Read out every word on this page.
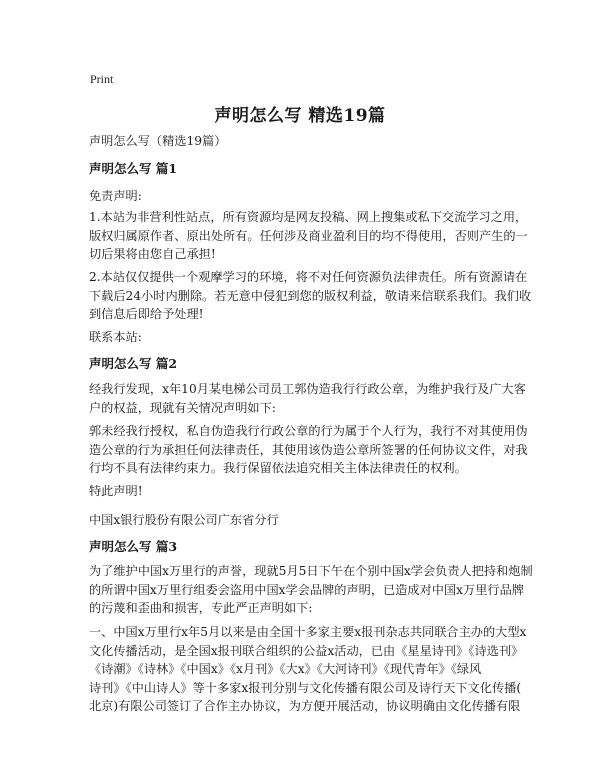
Print
声明怎么写 精选19篇
声明怎么写（精选19篇）
声明怎么写 篇1
免责声明:
1.本站为非营利性站点，所有资源均是网友投稿、网上搜集或私下交流学习之用，
版权归属原作者、原出处所有。任何涉及商业盈利目的均不得使用，否则产生的一
切后果将由您自己承担!
2.本站仅仅提供一个观摩学习的环境，将不对任何资源负法律责任。所有资源请在
下载后24小时内删除。若无意中侵犯到您的版权利益，敬请来信联系我们。我们收
到信息后即给予处理!
联系本站:
声明怎么写 篇2
经我行发现，x年10月某电梯公司员工郭伪造我行行政公章，为维护我行及广大客
户的权益，现就有关情况声明如下:
郭未经我行授权，私自伪造我行行政公章的行为属于个人行为，我行不对其使用伪
造公章的行为承担任何法律责任，其使用该伪造公章所签署的任何协议文件，对我
行均不具有法律约束力。我行保留依法追究相关主体法律责任的权利。
特此声明!
中国x银行股份有限公司广东省分行
声明怎么写 篇3
为了维护中国x万里行的声誉，现就5月5日下午在个别中国x学会负责人把持和炮制
的所谓中国x万里行组委会盗用中国x学会品牌的声明，已造成对中国x万里行品牌
的污蔑和歪曲和损害，专此严正声明如下:
一、中国x万里行x年5月以来是由全国十多家主要x报刊杂志共同联合主办的大型x
文化传播活动，是全国x报刊联合组织的公益x活动，已由《星星诗刊》《诗选刊》
《诗潮》《诗林》《中国x》《x月刊》《大x》《大河诗刊》《现代青年》《绿风
诗刊》《中山诗人》等十多家x报刊分别与文化传播有限公司及诗行天下文化传播(
北京)有限公司签订了合作主办协议，为方便开展活动，协议明确由文化传播有限
